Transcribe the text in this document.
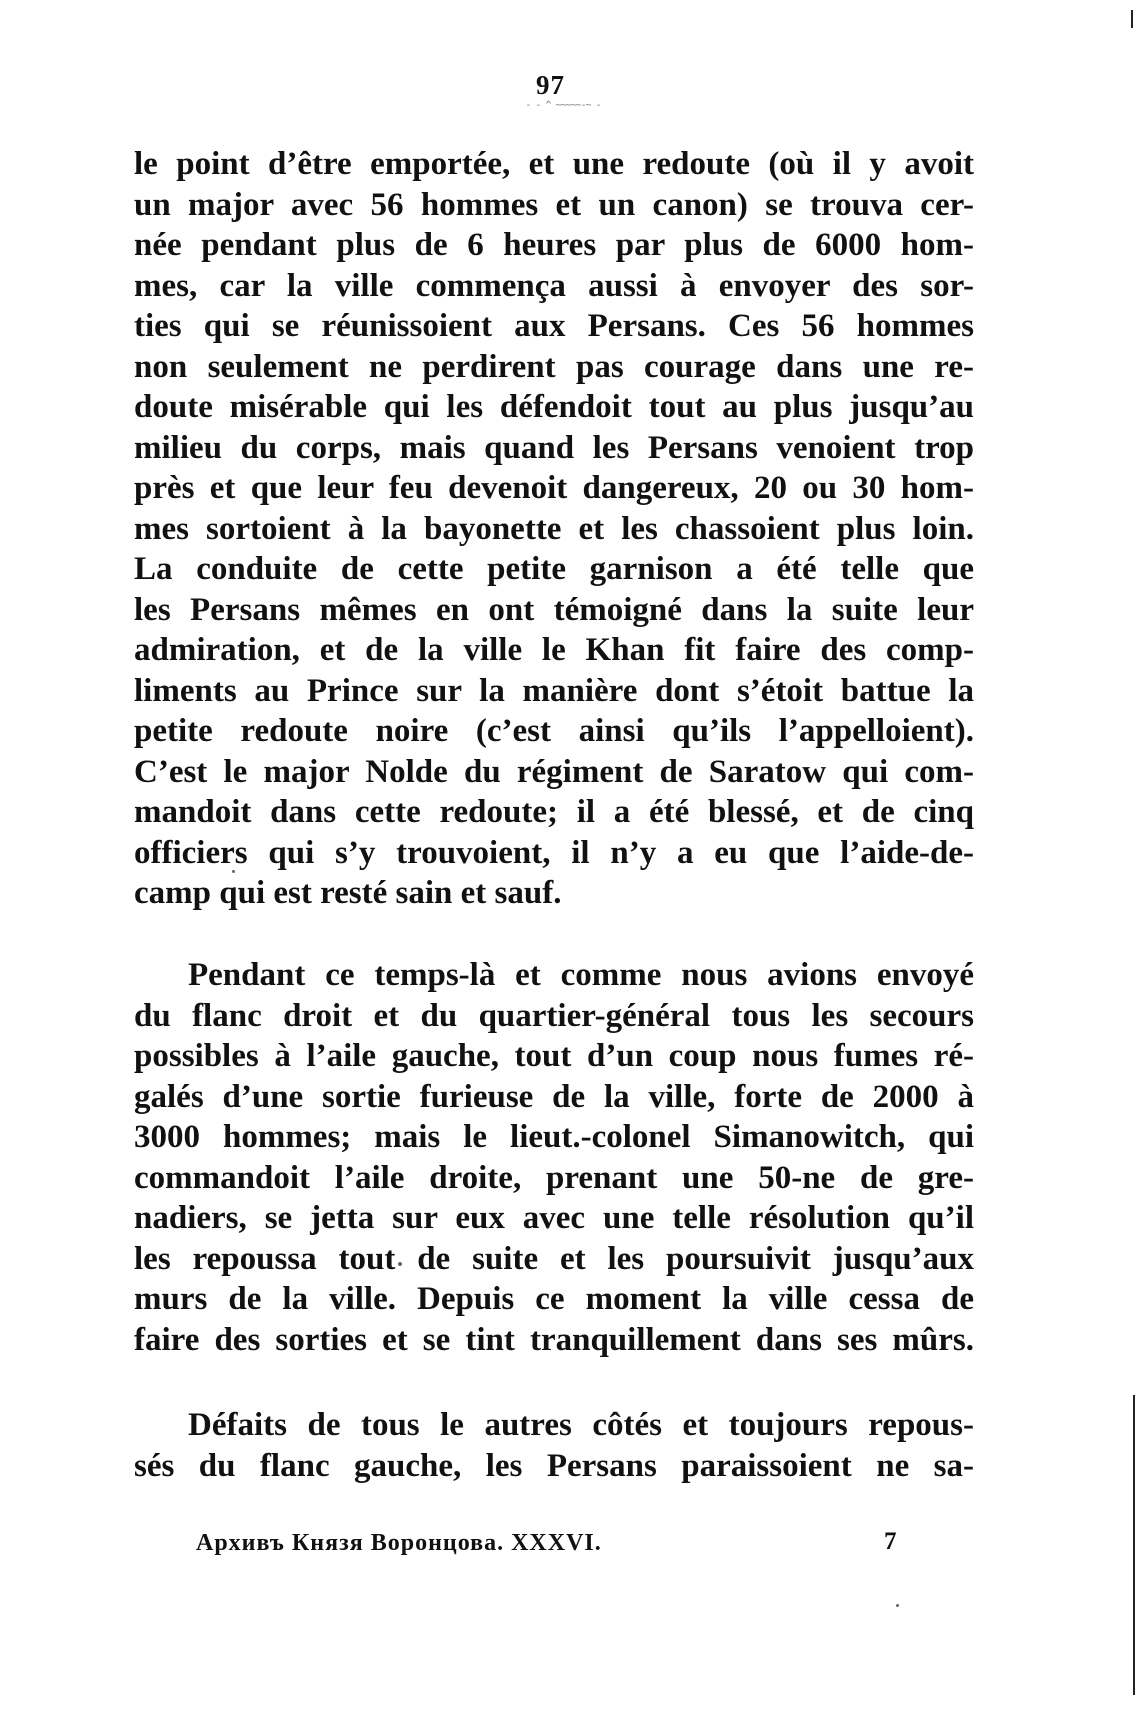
97
- - ^ ~~~~~-~ -
le point d’être emportée, et une redoute (où il y avoit
un major avec 56 hommes et un canon) se trouva cer-
née pendant plus de 6 heures par plus de 6000 hom-
mes, car la ville commença aussi à envoyer des sor-
ties qui se réunissoient aux Persans. Ces 56 hommes
non seulement ne perdirent pas courage dans une re-
doute misérable qui les défendoit tout au plus jusqu’au
milieu du corps, mais quand les Persans venoient trop
près et que leur feu devenoit dangereux, 20 ou 30 hom-
mes sortoient à la bayonette et les chassoient plus loin.
La conduite de cette petite garnison a été telle que
les Persans mêmes en ont témoigné dans la suite leur
admiration, et de la ville le Khan fit faire des comp-
liments au Prince sur la manière dont s’étoit battue la
petite redoute noire (c’est ainsi qu’ils l’appelloient).
C’est le major Nolde du régiment de Saratow qui com-
mandoit dans cette redoute; il a été blessé, et de cinq
officiers qui s’y trouvoient, il n’y a eu que l’aide-de-
camp qui est resté sain et sauf.
Pendant ce temps-là et comme nous avions envoyé
du flanc droit et du quartier-général tous les secours
possibles à l’aile gauche, tout d’un coup nous fumes ré-
galés d’une sortie furieuse de la ville, forte de 2000 à
3000 hommes; mais le lieut.-colonel Simanowitch, qui
commandoit l’aile droite, prenant une 50-ne de gre-
nadiers, se jetta sur eux avec une telle résolution qu’il
les repoussa tout de suite et les poursuivit jusqu’aux
murs de la ville. Depuis ce moment la ville cessa de
faire des sorties et se tint tranquillement dans ses mûrs.
Défaits de tous le autres côtés et toujours repous-
sés du flanc gauche, les Persans paraissoient ne sa-
Архивъ Князя Воронцова. XXXVI.	7
